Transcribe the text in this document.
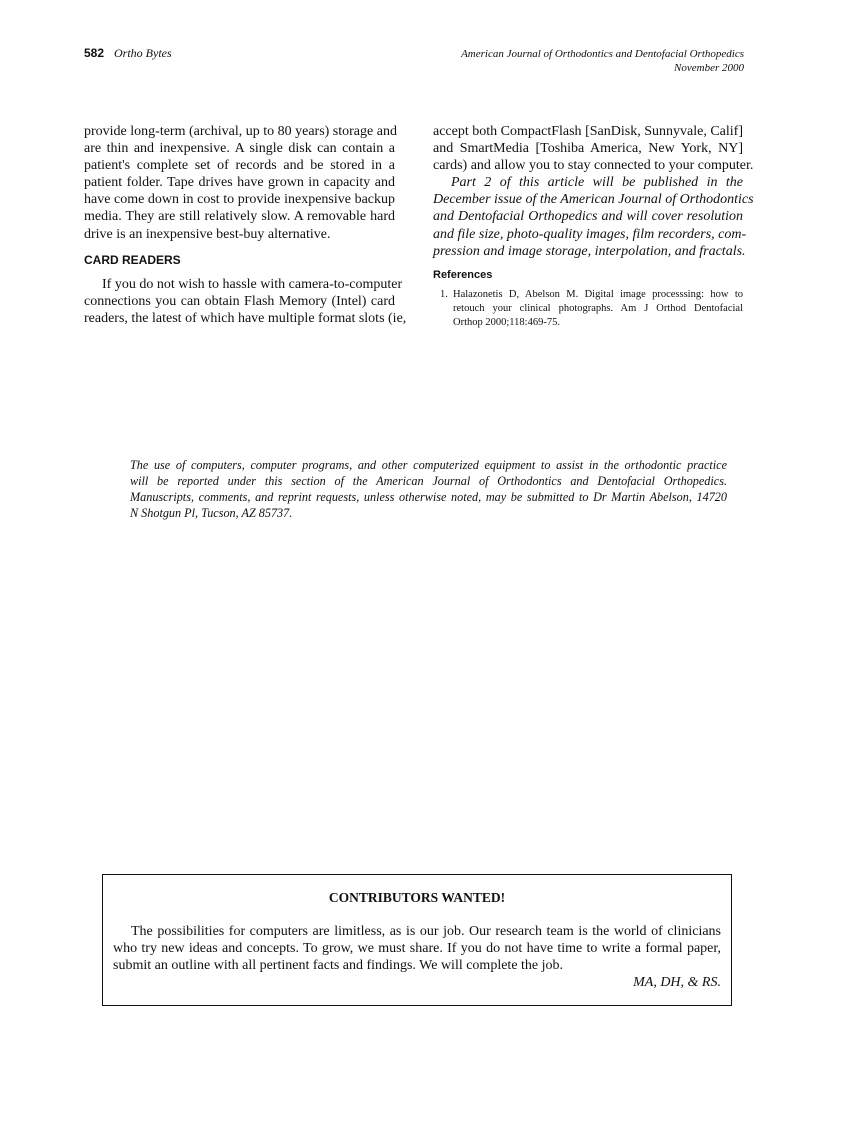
582 Ortho Bytes	American Journal of Orthodontics and Dentofacial Orthopedics
November 2000
provide long-term (archival, up to 80 years) storage and
are thin and inexpensive. A single disk can contain a
patient's complete set of records and be stored in a
patient folder. Tape drives have grown in capacity and
have come down in cost to provide inexpensive backup
media. They are still relatively slow. A removable hard
drive is an inexpensive best-buy alternative.
CARD READERS
If you do not wish to hassle with camera-to-computer
connections you can obtain Flash Memory (Intel) card
readers, the latest of which have multiple format slots (ie,
accept both CompactFlash [SanDisk, Sunnyvale, Calif]
and SmartMedia [Toshiba America, New York, NY]
cards) and allow you to stay connected to your computer.
Part 2 of this article will be published in the
December issue of the American Journal of Orthodontics
and Dentofacial Orthopedics and will cover resolution
and file size, photo-quality images, film recorders, com-
pression and image storage, interpolation, and fractals.
References
1. Halazonetis D, Abelson M. Digital image processsing: how to
retouch your clinical photographs. Am J Orthod Dentofacial
Orthop 2000;118:469-75.
The use of computers, computer programs, and other computerized equipment to assist in the orthodontic practice
will be reported under this section of the American Journal of Orthodontics and Dentofacial Orthopedics.
Manuscripts, comments, and reprint requests, unless otherwise noted, may be submitted to Dr Martin Abelson, 14720
N Shotgun Pl, Tucson, AZ 85737.
CONTRIBUTORS WANTED!
The possibilities for computers are limitless, as is our job. Our research team is the world of clinicians
who try new ideas and concepts. To grow, we must share. If you do not have time to write a formal paper,
submit an outline with all pertinent facts and findings. We will complete the job.
MA, DH, & RS.
